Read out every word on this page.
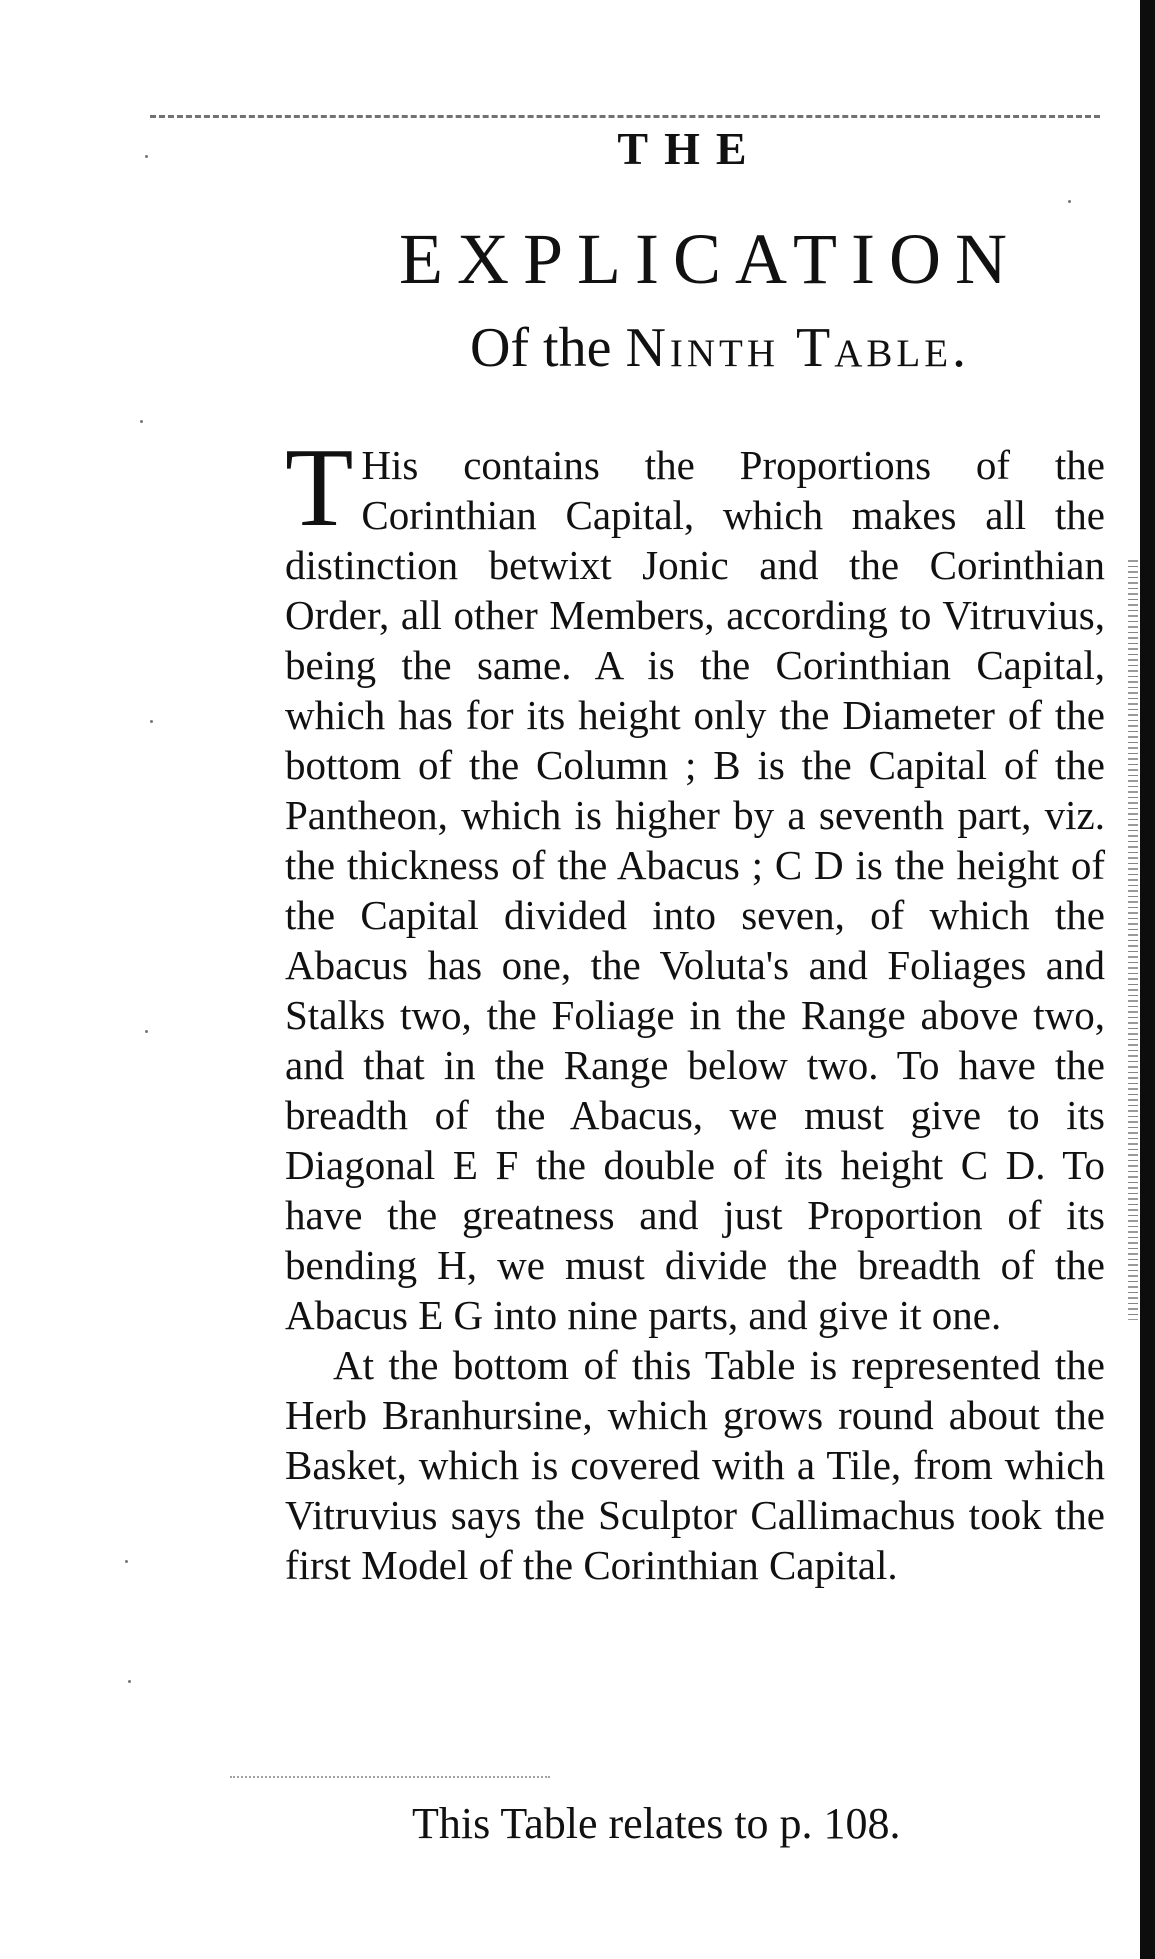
THE
EXPLICATION
Of the Ninth Table.

T His contains the Proportions of the Corinthian Capital, which makes all the distinction betwixt Jonic and the Corinthian Order, all other Members, according to Vitruvius, being the same. A is the Corinthian Capital, which has for its height only the Diameter of the bottom of the Column ; B is the Capital of the Pantheon, which is higher by a seventh part, viz. the thickness of the Abacus ; C D is the height of the Capital divided into seven, of which the Abacus has one, the Voluta's and Foliages and Stalks two, the Foliage in the Range above two, and that in the Range below two. To have the breadth of the Abacus, we must give to its Diagonal E F the double of its height C D. To have the greatness and just Proportion of its bending H, we must divide the breadth of the Abacus E G into nine parts, and give it one.

At the bottom of this Table is represented the Herb Branhursine, which grows round about the Basket, which is covered with a Tile, from which Vitruvius says the Sculptor Callimachus took the first Model of the Corinthian Capital.

This Table relates to p. 108.
